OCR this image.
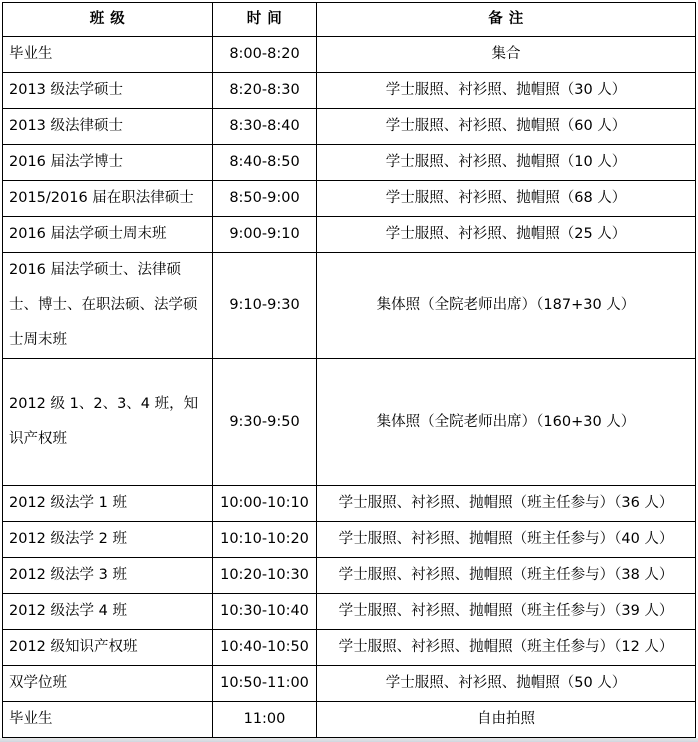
班 级	时 间	备 注
毕业生	8:00-8:20	集合
2013 级法学硕士	8:20-8:30	学士服照、衬衫照、抛帽照（30 人）
2013 级法律硕士	8:30-8:40	学士服照、衬衫照、抛帽照（60 人）
2016 届法学博士	8:40-8:50	学士服照、衬衫照、抛帽照（10 人）
2015/2016 届在职法律硕士	8:50-9:00	学士服照、衬衫照、抛帽照（68 人）
2016 届法学硕士周末班	9:00-9:10	学士服照、衬衫照、抛帽照（25 人）
2016 届法学硕士、法律硕士、博士、在职法硕、法学硕士周末班	9:10-9:30	集体照（全院老师出席）（187+30 人）
2012 级 1、2、3、4 班，知识产权班	9:30-9:50	集体照（全院老师出席）（160+30 人）
2012 级法学 1 班	10:00-10:10	学士服照、衬衫照、抛帽照（班主任参与）（36 人）
2012 级法学 2 班	10:10-10:20	学士服照、衬衫照、抛帽照（班主任参与）（40 人）
2012 级法学 3 班	10:20-10:30	学士服照、衬衫照、抛帽照（班主任参与）（38 人）
2012 级法学 4 班	10:30-10:40	学士服照、衬衫照、抛帽照（班主任参与）（39 人）
2012 级知识产权班	10:40-10:50	学士服照、衬衫照、抛帽照（班主任参与）（12 人）
双学位班	10:50-11:00	学士服照、衬衫照、抛帽照（50 人）
毕业生	11:00	自由拍照
